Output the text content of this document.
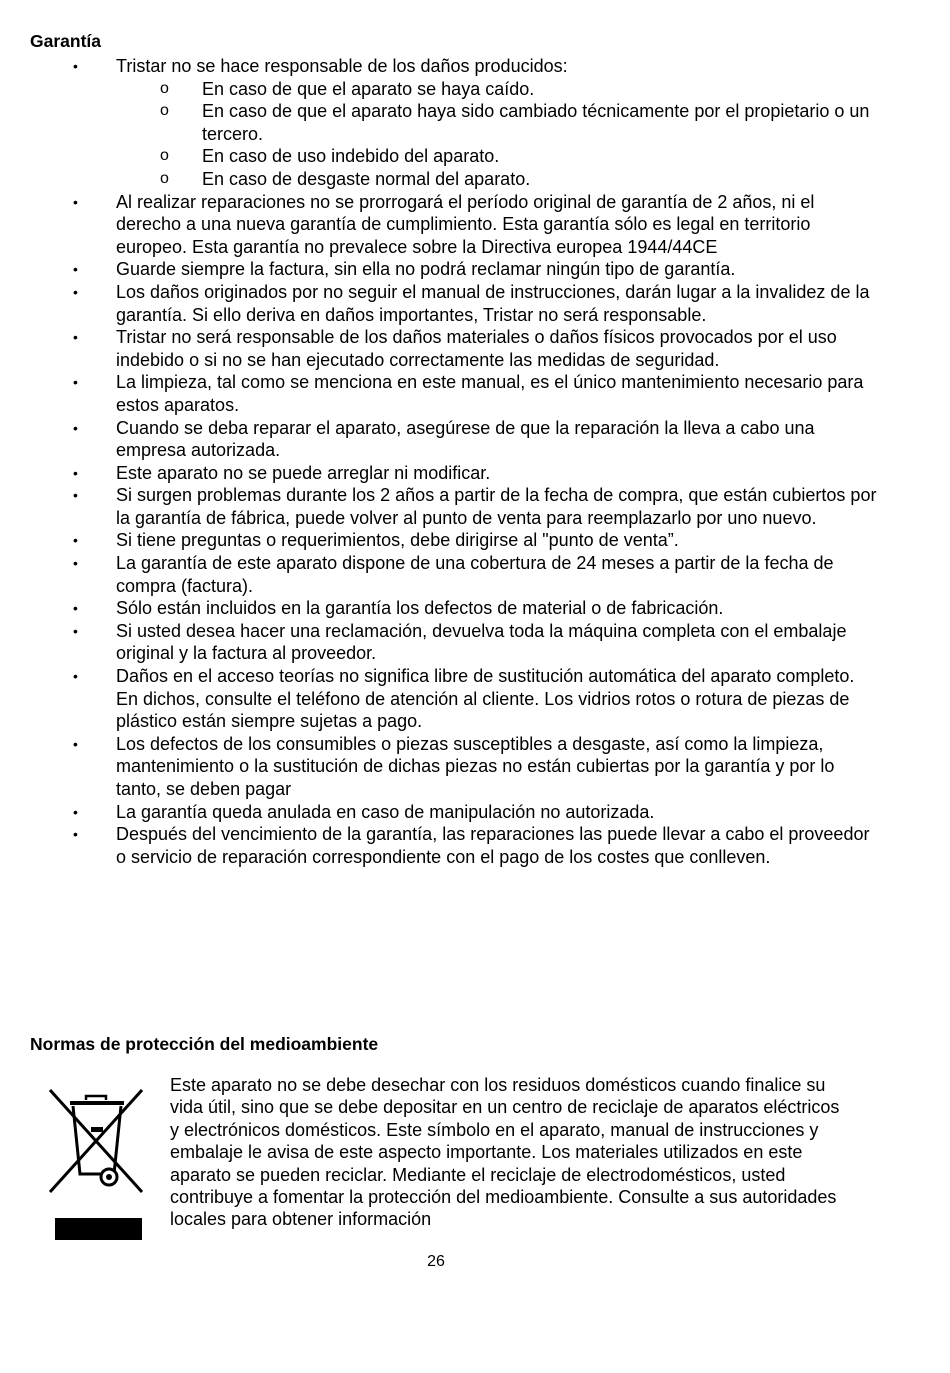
Garantía
• Tristar no se hace responsable de los daños producidos:
o En caso de que el aparato se haya caído.
o En caso de que el aparato haya sido cambiado técnicamente por el propietario o un tercero.
o En caso de uso indebido del aparato.
o En caso de desgaste normal del aparato.
• Al realizar reparaciones no se prorrogará el período original de garantía de 2 años, ni el derecho a una nueva garantía de cumplimiento. Esta garantía sólo es legal en territorio europeo. Esta garantía no prevalece sobre la Directiva europea 1944/44CE
• Guarde siempre la factura, sin ella no podrá reclamar ningún tipo de garantía.
• Los daños originados por no seguir el manual de instrucciones, darán lugar a la invalidez de la garantía. Si ello deriva en daños importantes, Tristar no será responsable.
• Tristar no será responsable de los daños materiales o daños físicos provocados por el uso indebido o si no se han ejecutado correctamente las medidas de seguridad.
• La limpieza, tal como se menciona en este manual, es el único mantenimiento necesario para estos aparatos.
• Cuando se deba reparar el aparato, asegúrese de que la reparación la lleva a cabo una empresa autorizada.
• Este aparato no se puede arreglar ni modificar.
• Si surgen problemas durante los 2 años a partir de la fecha de compra, que están cubiertos por la garantía de fábrica, puede volver al punto de venta para reemplazarlo por uno nuevo.
• Si tiene preguntas o requerimientos, debe dirigirse al "punto de venta”.
• La garantía de este aparato dispone de una cobertura de 24 meses a partir de la fecha de compra (factura).
• Sólo están incluidos en la garantía los defectos de material o de fabricación.
• Si usted desea hacer una reclamación, devuelva toda la máquina completa con el embalaje original y la factura al proveedor.
• Daños en el acceso teorías no significa libre de sustitución automática del aparato completo. En dichos, consulte el teléfono de atención al cliente. Los vidrios rotos o rotura de piezas de plástico están siempre sujetas a pago.
• Los defectos de los consumibles o piezas susceptibles a desgaste, así como la limpieza, mantenimiento o la sustitución de dichas piezas no están cubiertas por la garantía y por lo tanto, se deben pagar
• La garantía queda anulada en caso de manipulación no autorizada.
• Después del vencimiento de la garantía, las reparaciones las puede llevar a cabo el proveedor o servicio de reparación correspondiente con el pago de los costes que conlleven.
Normas de protección del medioambiente

Este aparato no se debe desechar con los residuos domésticos cuando finalice su vida útil, sino que se debe depositar en un centro de reciclaje de aparatos eléctricos y electrónicos domésticos. Este símbolo en el aparato, manual de instrucciones y embalaje le avisa de este aspecto importante. Los materiales utilizados en este aparato se pueden reciclar. Mediante el reciclaje de electrodomésticos, usted contribuye a fomentar la protección del medioambiente. Consulte a sus autoridades locales para obtener información

26
